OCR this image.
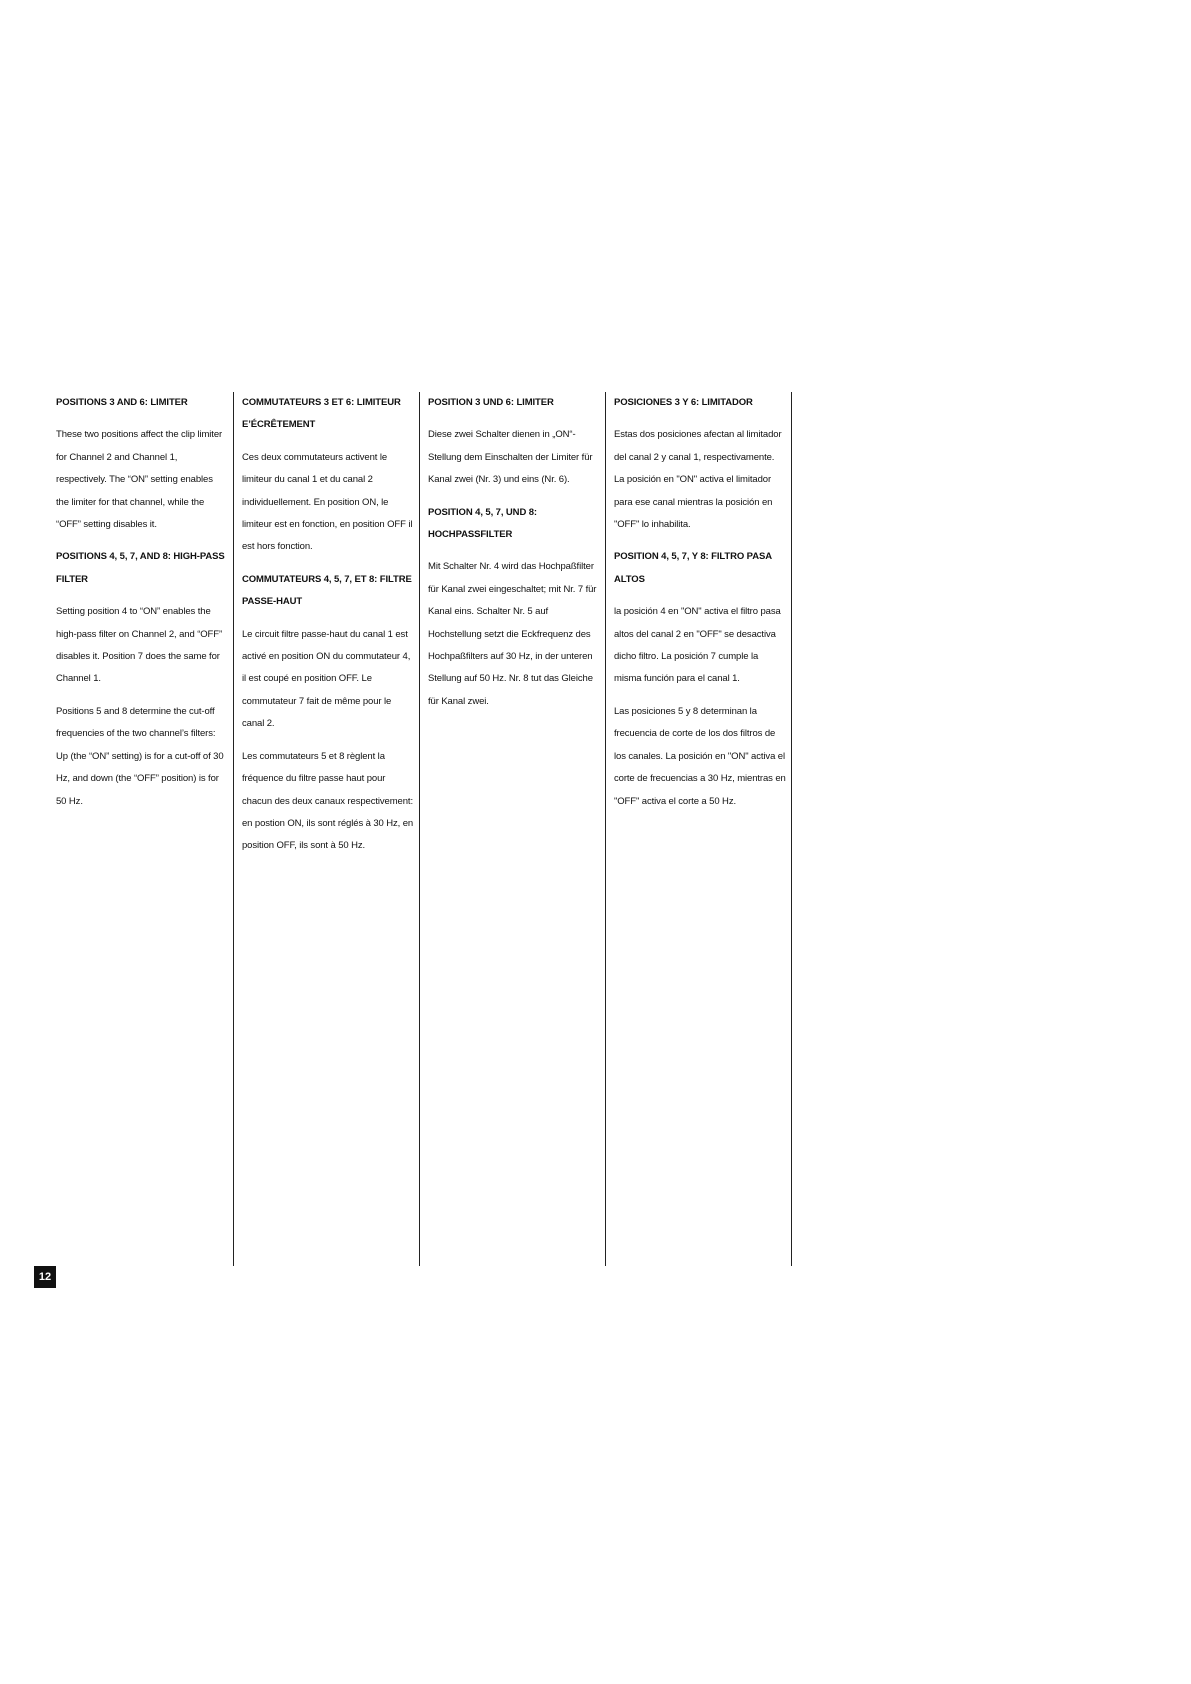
POSITIONS 3 AND 6: LIMITER
These two positions affect the clip limiter for Channel 2 and Channel 1, respectively. The “ON” setting enables the limiter for that channel, while the “OFF” setting disables it.
POSITIONS 4, 5, 7, AND 8: HIGH-PASS FILTER
Setting position 4 to “ON” enables the high-pass filter on Channel 2, and “OFF” disables it. Position 7 does the same for Channel 1.
Positions 5 and 8 determine the cut-off frequencies of the two channel’s filters: Up (the “ON” setting) is for a cut-off of 30 Hz, and down (the “OFF” position) is for 50 Hz.
COMMUTATEURS 3 ET 6: LIMITEUR E’ÉCRÊTEMENT
Ces deux commutateurs activent le limiteur du canal 1 et du canal 2 individuellement. En position ON, le limiteur est en fonction, en position OFF il est hors fonction.
COMMUTATEURS 4, 5, 7, ET 8: FILTRE PASSE-HAUT
Le circuit filtre passe-haut du canal 1 est activé en position ON du commutateur 4, il est coupé en position OFF. Le commutateur 7 fait de même pour le canal 2.
Les commutateurs 5 et 8 règlent la fréquence du filtre passe haut pour chacun des deux canaux respectivement: en postion ON, ils sont réglés à 30 Hz, en position OFF, ils sont à 50 Hz.
POSITION 3 UND 6: LIMITER
Diese zwei Schalter dienen in „ON“-Stellung dem Einschalten der Limiter für Kanal zwei (Nr. 3) und eins (Nr. 6).
POSITION 4, 5, 7, UND 8: HOCHPASSFILTER
Mit Schalter Nr. 4 wird das Hochpaßfilter für Kanal zwei eingeschaltet; mit Nr. 7 für Kanal eins. Schalter Nr. 5 auf Hochstellung setzt die Eckfrequenz des Hochpaßfilters auf 30 Hz, in der unteren Stellung auf 50 Hz. Nr. 8 tut das Gleiche für Kanal zwei.
POSICIONES 3 Y 6: LIMITADOR
Estas dos posiciones afectan al limitador del canal 2 y canal 1, respectivamente. La posición en "ON" activa el limitador para ese canal mientras la posición en "OFF" lo inhabilita.
POSITION 4, 5, 7, Y 8: FILTRO PASA ALTOS
la posición 4 en "ON" activa el filtro pasa altos del canal 2 en "OFF" se desactiva dicho filtro. La posición 7 cumple la misma función para el canal 1.
Las posiciones 5 y 8 determinan la frecuencia de corte de los dos filtros de los canales. La posición en "ON" activa el corte de frecuencias a 30 Hz, mientras en "OFF" activa el corte a 50 Hz.
12
